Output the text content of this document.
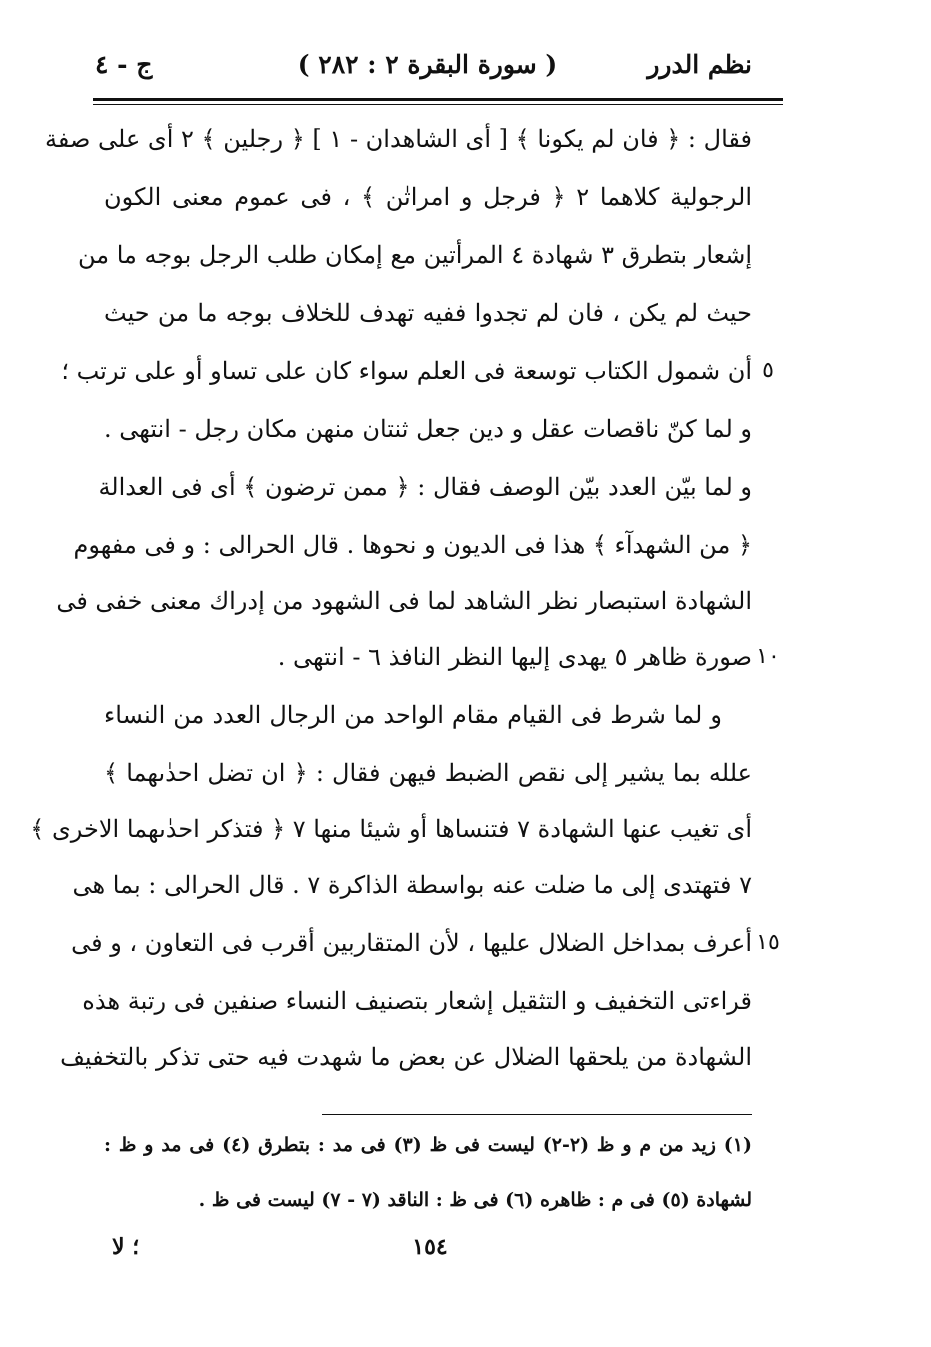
نظم الدرر
( سورة البقرة ٢ : ٢٨٢ )
ج - ٤
فقال : ﴿ فان لم يكونا ﴾ [ أى الشاهدان - ١ ] ﴿ رجلين ﴾ ٢ أى على صفة
الرجولية كلاهما ٢ ﴿ فرجل و امراتٰن ﴾ ، فى عموم معنى الكون
إشعار بتطرق ٣ شهادة ٤ المرأتين مع إمكان طلب الرجل بوجه ما من
حيث لم يكن ، فان لم تجدوا ففيه تهدف للخلاف بوجه ما من حيث
أن شمول الكتاب توسعة فى العلم سواء كان على تساو أو على ترتب ؛
و لما كنّ ناقصات عقل و دين جعل ثنتان منهن مكان رجل - انتهى .
و لما بيّن العدد بيّن الوصف فقال : ﴿ ممن ترضون ﴾ أى فى العدالة
﴿ من الشهدآء ﴾ هذا فى الديون و نحوها . قال الحرالى : و فى مفهوم
الشهادة استبصار نظر الشاهد لما فى الشهود من إدراك معنى خفى فى
صورة ظاهر ٥ يهدى إليها النظر النافذ ٦ - انتهى .
و لما شرط فى القيام مقام الواحد من الرجال العدد من النساء
علله بما يشير إلى نقص الضبط فيهن فقال : ﴿ ان تضل احدٰىهما ﴾
أى تغيب عنها الشهادة ٧ فتنساها أو شيئا منها ٧ ﴿ فتذكر احدٰىهما الاخرى ﴾
٧ فتهتدى إلى ما ضلت عنه بواسطة الذاكرة ٧ . قال الحرالى : بما هى
أعرف بمداخل الضلال عليها ، لأن المتقاربين أقرب فى التعاون ، و فى
قراءتى التخفيف و التثقيل إشعار بتصنيف النساء صنفين فى رتبة هذه
الشهادة من يلحقها الضلال عن بعض ما شهدت فيه حتى تذكر بالتخفيف
٥
١٠
١٥
(١) زيد من م و ظ (٢-٢) ليست فى ظ (٣) فى مد : بتطرق (٤) فى مد و ظ :
لشهادة (٥) فى م : ظاهره (٦) فى ظ : الناقد (٧ - ٧) ليست فى ظ .
؛ لا	١٥٤
